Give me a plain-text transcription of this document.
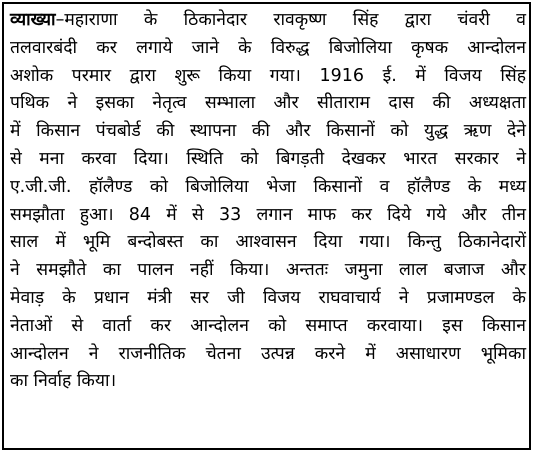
व्याख्या–महाराणा के ठिकानेदार रावकृष्ण सिंह द्वारा चंवरी व
तलवारबंदी कर लगाये जाने के विरुद्ध बिजोलिया कृषक आन्दोलन
अशोक परमार द्वारा शुरू किया गया। 1916 ई. में विजय सिंह
पथिक ने इसका नेतृत्व सम्भाला और सीताराम दास की अध्यक्षता
में किसान पंचबोर्ड की स्थापना की और किसानों को युद्ध ऋण देने
से मना करवा दिया। स्थिति को बिगड़ती देखकर भारत सरकार ने
ए.जी.जी. हॉलैण्ड को बिजोलिया भेजा किसानों व हॉलैण्ड के मध्य
समझौता हुआ। 84 में से 33 लगान माफ कर दिये गये और तीन
साल में भूमि बन्दोबस्त का आश्वासन दिया गया। किन्तु ठिकानेदारों
ने समझौते का पालन नहीं किया। अन्ततः जमुना लाल बजाज और
मेवाड़ के प्रधान मंत्री सर जी विजय राघवाचार्य ने प्रजामण्डल के
नेताओं से वार्ता कर आन्दोलन को समाप्त करवाया। इस किसान
आन्दोलन ने राजनीतिक चेतना उत्पन्न करने में असाधारण भूमिका
का निर्वाह किया।
